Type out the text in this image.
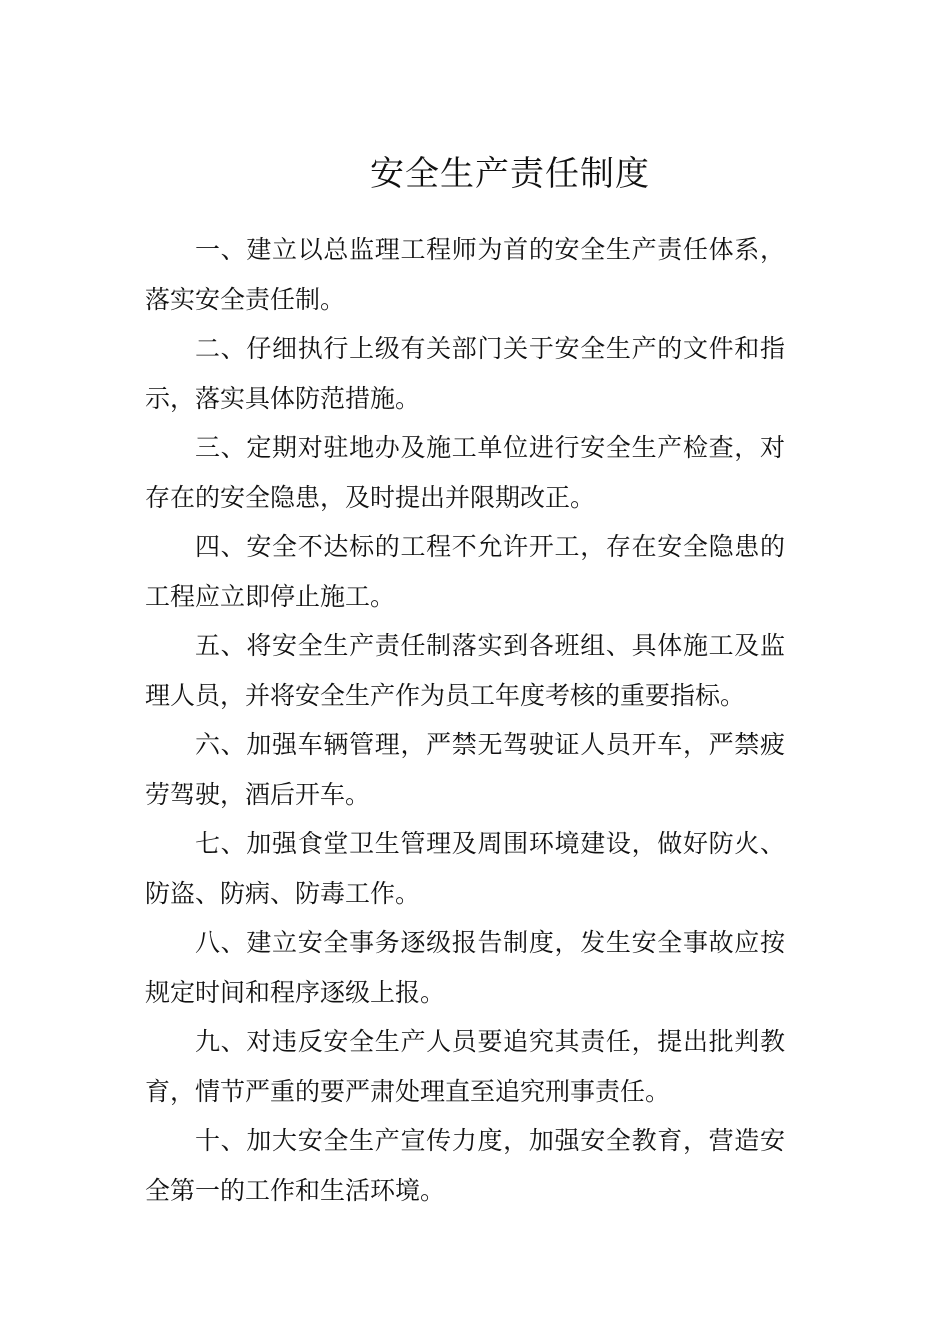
安全生产责任制度

一、建立以总监理工程师为首的安全生产责任体系，落实安全责任制。

二、仔细执行上级有关部门关于安全生产的文件和指示，落实具体防范措施。

三、定期对驻地办及施工单位进行安全生产检查，对存在的安全隐患，及时提出并限期改正。

四、安全不达标的工程不允许开工，存在安全隐患的工程应立即停止施工。

五、将安全生产责任制落实到各班组、具体施工及监理人员，并将安全生产作为员工年度考核的重要指标。

六、加强车辆管理，严禁无驾驶证人员开车，严禁疲劳驾驶，酒后开车。

七、加强食堂卫生管理及周围环境建设，做好防火、防盗、防病、防毒工作。

八、建立安全事务逐级报告制度，发生安全事故应按规定时间和程序逐级上报。

九、对违反安全生产人员要追究其责任，提出批判教育，情节严重的要严肃处理直至追究刑事责任。

十、加大安全生产宣传力度，加强安全教育，营造安全第一的工作和生活环境。
